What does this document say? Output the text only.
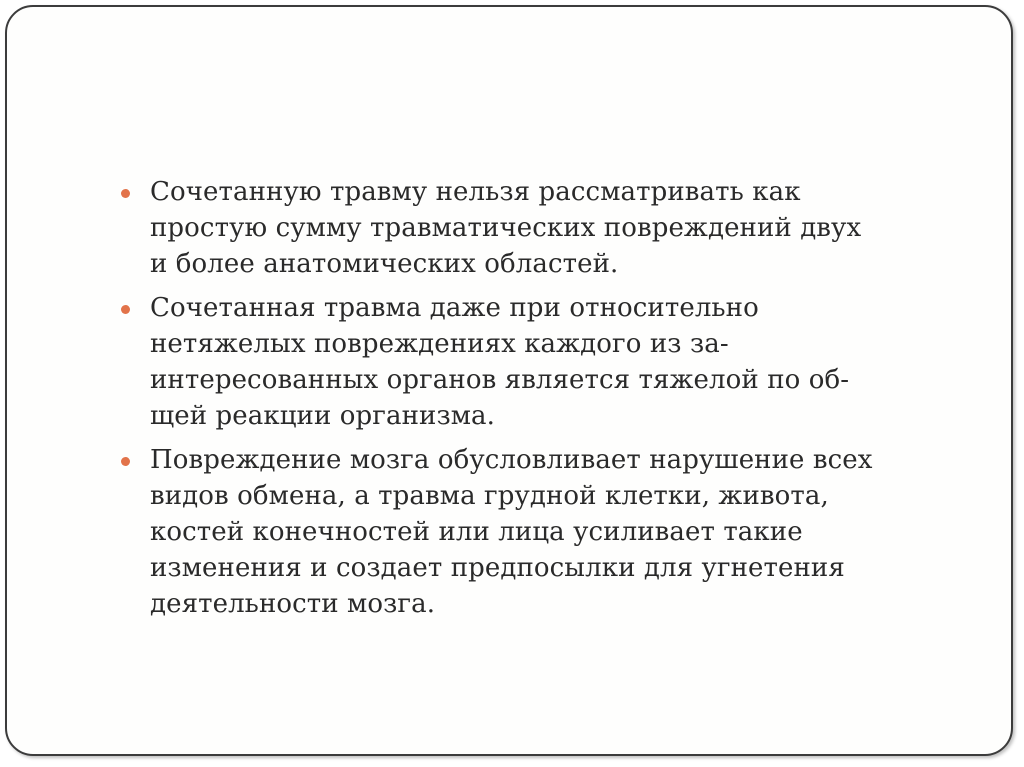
Сочетанную травму нельзя рассматривать как
простую сумму травматических повреждений двух
и более анатомических областей.
Сочетанная травма даже при относительно
нетяжелых повреждениях каждого из за-
интересованных органов является тяжелой по об-
щей реакции организма.
Повреждение мозга обусловливает нарушение всех
видов обмена, а травма грудной клетки, живота,
костей конечностей или лица усиливает такие
изменения и создает предпосылки для угнетения
деятельности мозга.
